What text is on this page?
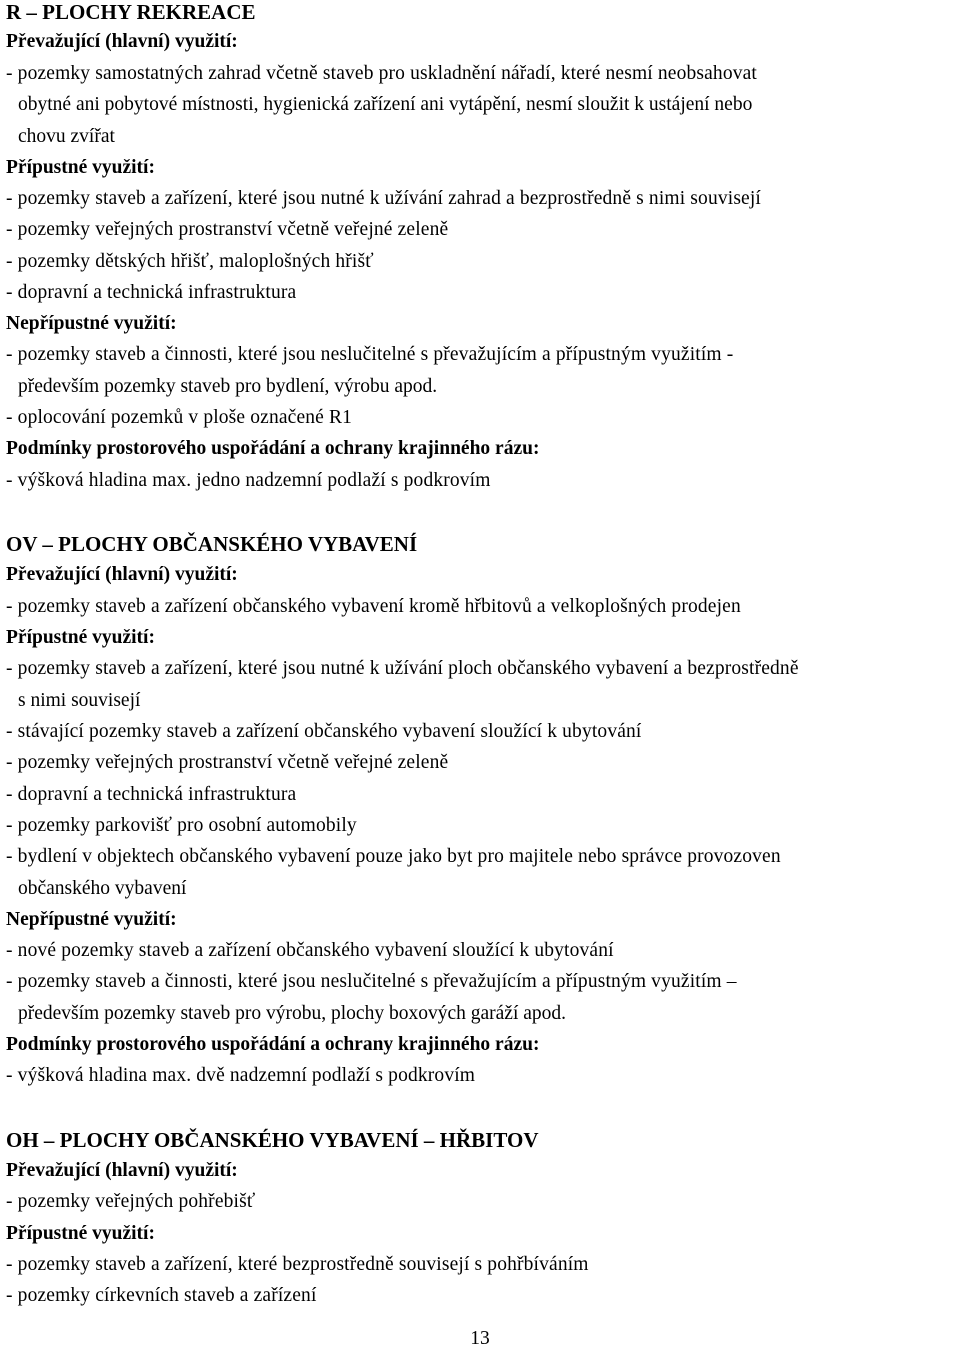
R – PLOCHY REKREACE
Převažující (hlavní) využití:
- pozemky samostatných zahrad včetně staveb pro uskladnění nářadí, které nesmí neobsahovat
obytné ani pobytové místnosti, hygienická zařízení ani vytápění, nesmí sloužit k ustájení nebo
chovu zvířat
Přípustné využití:
- pozemky staveb a zařízení, které jsou nutné k užívání zahrad a bezprostředně s nimi souvisejí
- pozemky veřejných prostranství včetně veřejné zeleně
- pozemky dětských hřišť, maloplošných hřišť
- dopravní a technická infrastruktura
Nepřípustné využití:
- pozemky staveb a činnosti, které jsou neslučitelné s převažujícím a přípustným využitím -
především pozemky staveb pro bydlení, výrobu apod.
- oplocování pozemků v ploše označené R1
Podmínky prostorového uspořádání a ochrany krajinného rázu:
- výšková hladina max. jedno nadzemní podlaží s podkrovím
OV – PLOCHY OBČANSKÉHO VYBAVENÍ
Převažující (hlavní) využití:
- pozemky staveb a zařízení občanského vybavení kromě hřbitovů a velkoplošných prodejen
Přípustné využití:
- pozemky staveb a zařízení, které jsou nutné k užívání ploch občanského vybavení a bezprostředně
s nimi souvisejí
- stávající pozemky staveb a zařízení občanského vybavení sloužící k ubytování
- pozemky veřejných prostranství včetně veřejné zeleně
- dopravní a technická infrastruktura
- pozemky parkovišť pro osobní automobily
- bydlení v objektech občanského vybavení pouze jako byt pro majitele nebo správce provozoven
občanského vybavení
Nepřípustné využití:
- nové pozemky staveb a zařízení občanského vybavení sloužící k ubytování
- pozemky staveb a činnosti, které jsou neslučitelné s převažujícím a přípustným využitím –
především pozemky staveb pro výrobu, plochy boxových garáží apod.
Podmínky prostorového uspořádání a ochrany krajinného rázu:
- výšková hladina max. dvě nadzemní podlaží s podkrovím
OH – PLOCHY OBČANSKÉHO VYBAVENÍ – HŘBITOV
Převažující (hlavní) využití:
- pozemky veřejných pohřebišť
Přípustné využití:
- pozemky staveb a zařízení, které bezprostředně souvisejí s pohřbíváním
- pozemky církevních staveb a zařízení
13
